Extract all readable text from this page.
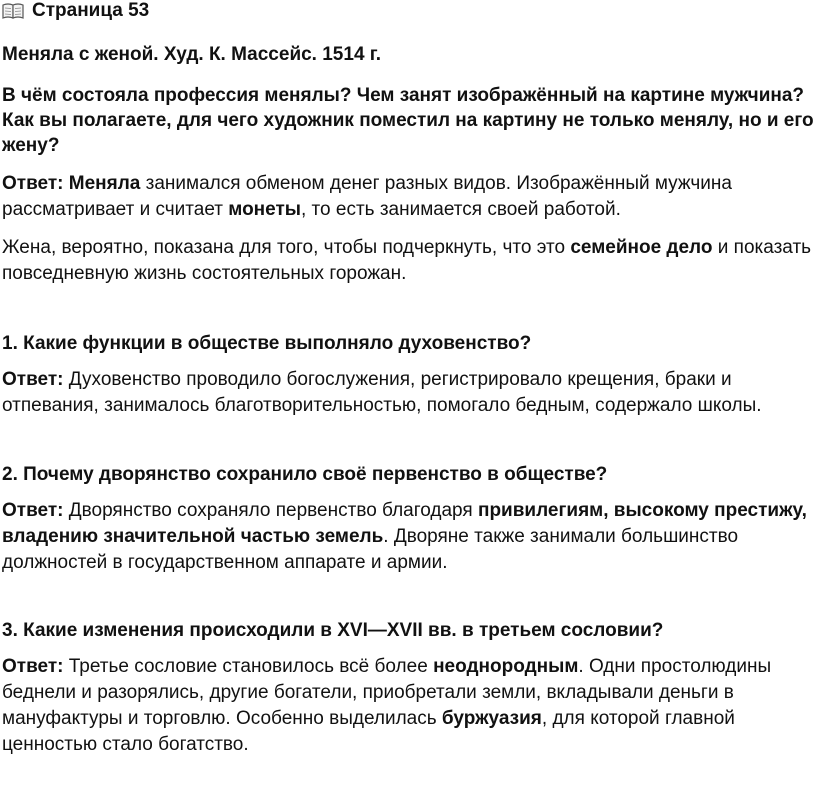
Страница 53
Меняла с женой. Худ. К. Массейс. 1514 г.
В чём состояла профессия менялы? Чем занят изображённый на картине мужчина? Как вы полагаете, для чего художник поместил на картину не только менялу, но и его жену?
Ответ: Меняла занимался обменом денег разных видов. Изображённый мужчина рассматривает и считает монеты, то есть занимается своей работой.
Жена, вероятно, показана для того, чтобы подчеркнуть, что это семейное дело и показать повседневную жизнь состоятельных горожан.
1. Какие функции в обществе выполняло духовенство?
Ответ: Духовенство проводило богослужения, регистрировало крещения, браки и отпевания, занималось благотворительностью, помогало бедным, содержало школы.
2. Почему дворянство сохранило своё первенство в обществе?
Ответ: Дворянство сохраняло первенство благодаря привилегиям, высокому престижу, владению значительной частью земель. Дворяне также занимали большинство должностей в государственном аппарате и армии.
3. Какие изменения происходили в XVI—XVII вв. в третьем сословии?
Ответ: Третье сословие становилось всё более неоднородным. Одни простолюдины беднели и разорялись, другие богатели, приобретали земли, вкладывали деньги в мануфактуры и торговлю. Особенно выделилась буржуазия, для которой главной ценностью стало богатство.
